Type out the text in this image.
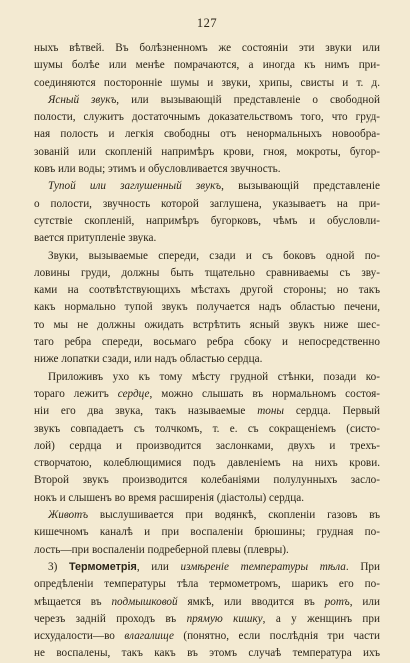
127
ныхъ вѣтвей. Въ болѣзненномъ же состояніи эти звуки или
шумы болѣе или менѣе помрачаются, а иногда къ нимъ при-
соединяются посторонніе шумы и звуки, хрипы, свисты и т. д.
Ясный звукъ, или вызывающій представленіе о свободной
полости, служитъ достаточнымъ доказательствомъ того, что груд-
ная полость и легкія свободны отъ ненормальныхъ новообра-
зованій или скопленій напримѣръ крови, гноя, мокроты, бугор-
ковъ или воды; этимъ и обусловливается звучность.
Тупой или заглушенный звукъ, вызывающій представленіе
о полости, звучность которой заглушена, указываетъ на при-
сутствіе скопленій, напримѣръ бугорковъ, чѣмъ и обусловли-
вается притупленіе звука.
Звуки, вызываемые спереди, сзади и съ боковъ одной по-
ловины груди, должны быть тщательно сравниваемы съ зву-
ками на соотвѣтствующихъ мѣстахъ другой стороны; но такъ
какъ нормально тупой звукъ получается надъ областью печени,
то мы не должны ожидать встрѣтить ясный звукъ ниже шес-
таго ребра спереди, восьмаго ребра сбоку и непосредственно
ниже лопатки сзади, или надъ областью сердца.
Приложивъ ухо къ тому мѣсту грудной стѣнки, позади ко-
тораго лежитъ сердце, можно слышать въ нормальномъ состоя-
ніи его два звука, такъ называемые тоны сердца. Первый
звукъ совпадаетъ съ толчкомъ, т. е. съ сокращеніемъ (систо-
лой) сердца и производится заслонками, двухъ и трехъ-
створчатою, колеблющимися подъ давленіемъ на нихъ крови.
Второй звукъ производится колебаніями полулунныхъ засло-
нокъ и слышенъ во время расширенія (діастолы) сердца.
Животъ выслушивается при водянкѣ, скопленіи газовъ въ
кишечномъ каналѣ и при воспаленіи брюшины; грудная по-
лость—при воспаленіи подреберной плевы (плевры).
3) Термометрія, или измѣреніе температуры тѣла. При
опредѣленіи температуры тѣла термометромъ, шарикъ его по-
мѣщается въ подмышковой ямкѣ, или вводится въ ротъ, или
черезъ задній проходъ въ прямую кишку, а у женщинъ при
исхудалости—во влагалище (понятно, если послѣднія три части
не воспалены, такъ какъ въ этомъ случаѣ температура ихъ
